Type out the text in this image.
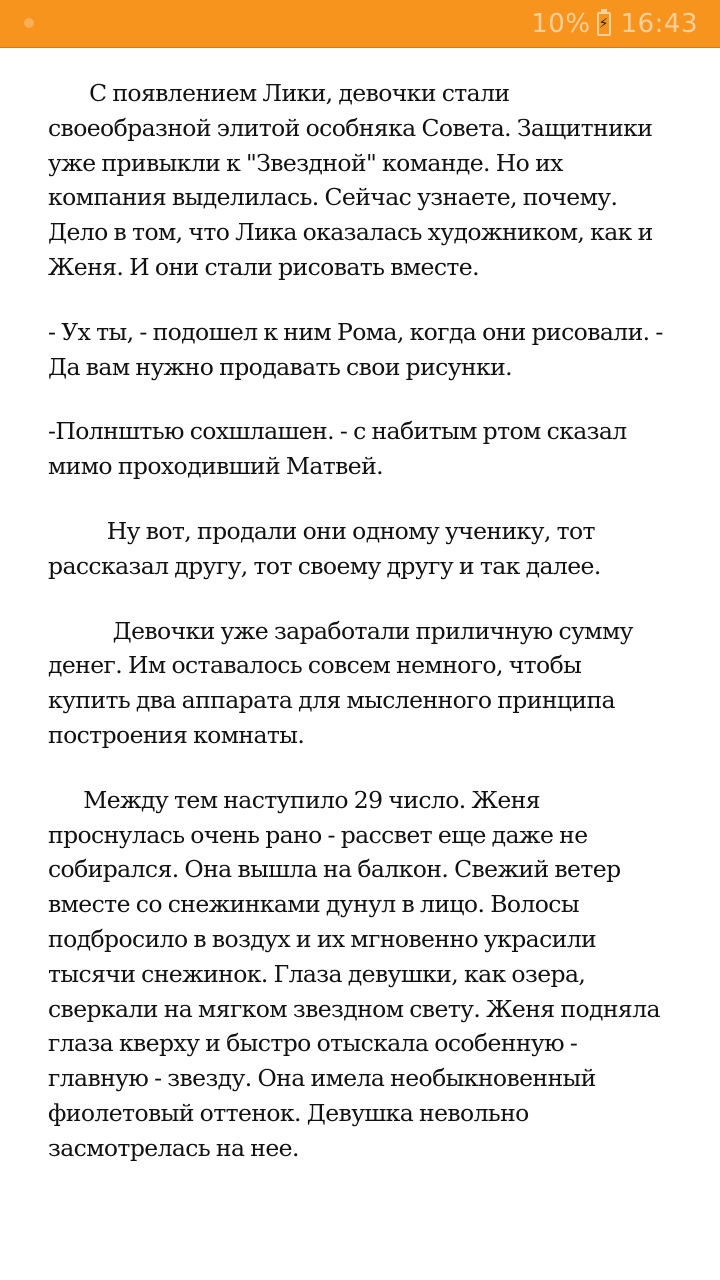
10% ⚡ 16:43

С появлением Лики, девочки стали своеобразной элитой особняка Совета. Защитники уже привыкли к "Звездной" команде. Но их компания выделилась. Сейчас узнаете, почему. Дело в том, что Лика оказалась художником, как и Женя. И они стали рисовать вместе.

- Ух ты, - подошел к ним Рома, когда они рисовали. - Да вам нужно продавать свои рисунки.

-Полнштью сохшлашен. - с набитым ртом сказал мимо проходивший Матвей.

Ну вот, продали они одному ученику, тот рассказал другу, тот своему другу и так далее.

Девочки уже заработали приличную сумму денег. Им оставалось совсем немного, чтобы купить два аппарата для мысленного принципа построения комнаты.

Между тем наступило 29 число. Женя проснулась очень рано - рассвет еще даже не собирался. Она вышла на балкон. Свежий ветер вместе со снежинками дунул в лицо. Волосы подбросило в воздух и их мгновенно украсили тысячи снежинок. Глаза девушки, как озера, сверкали на мягком звездном свету. Женя подняла глаза кверху и быстро отыскала особенную - главную - звезду. Она имела необыкновенный фиолетовый оттенок. Девушка невольно засмотрелась на нее.
